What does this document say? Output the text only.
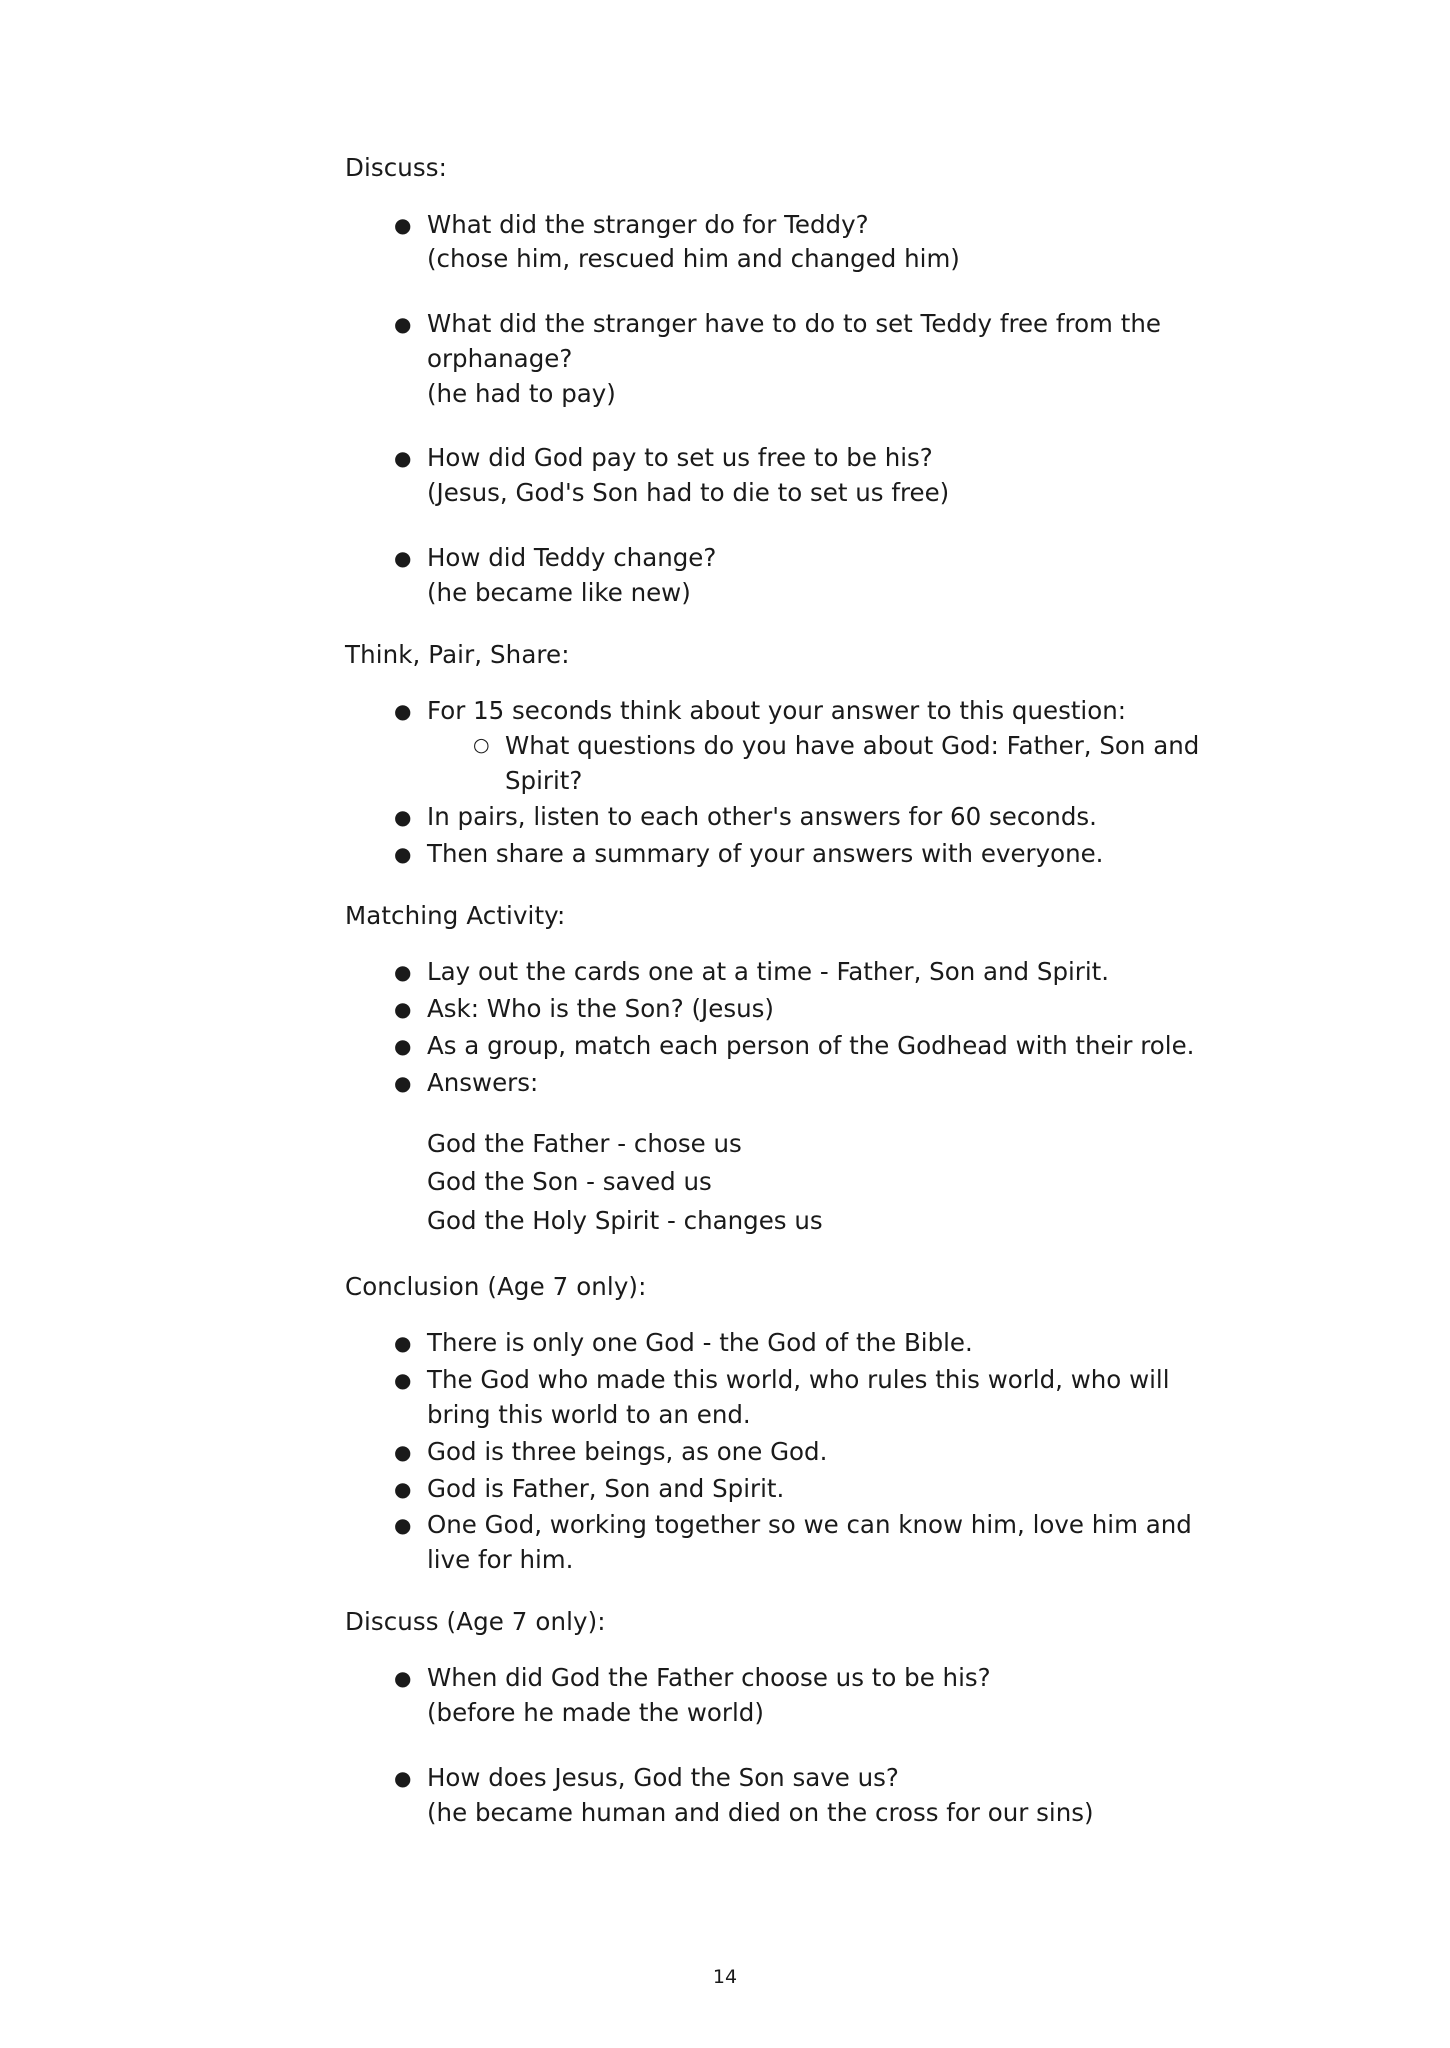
Discuss:

● What did the stranger do for Teddy?
(chose him, rescued him and changed him)
● What did the stranger have to do to set Teddy free from the orphanage?
(he had to pay)
● How did God pay to set us free to be his?
(Jesus, God's Son had to die to set us free)
● How did Teddy change?
(he became like new)

Think, Pair, Share:

● For 15 seconds think about your answer to this question:
○ What questions do you have about God: Father, Son and Spirit?
● In pairs, listen to each other's answers for 60 seconds.
● Then share a summary of your answers with everyone.

Matching Activity:

● Lay out the cards one at a time - Father, Son and Spirit.
● Ask: Who is the Son? (Jesus)
● As a group, match each person of the Godhead with their role.
● Answers:
God the Father - chose us
God the Son - saved us
God the Holy Spirit - changes us

Conclusion (Age 7 only):

● There is only one God - the God of the Bible.
● The God who made this world, who rules this world, who will bring this world to an end.
● God is three beings, as one God.
● God is Father, Son and Spirit.
● One God, working together so we can know him, love him and live for him.

Discuss (Age 7 only):

● When did God the Father choose us to be his?
(before he made the world)
● How does Jesus, God the Son save us?
(he became human and died on the cross for our sins)
14
